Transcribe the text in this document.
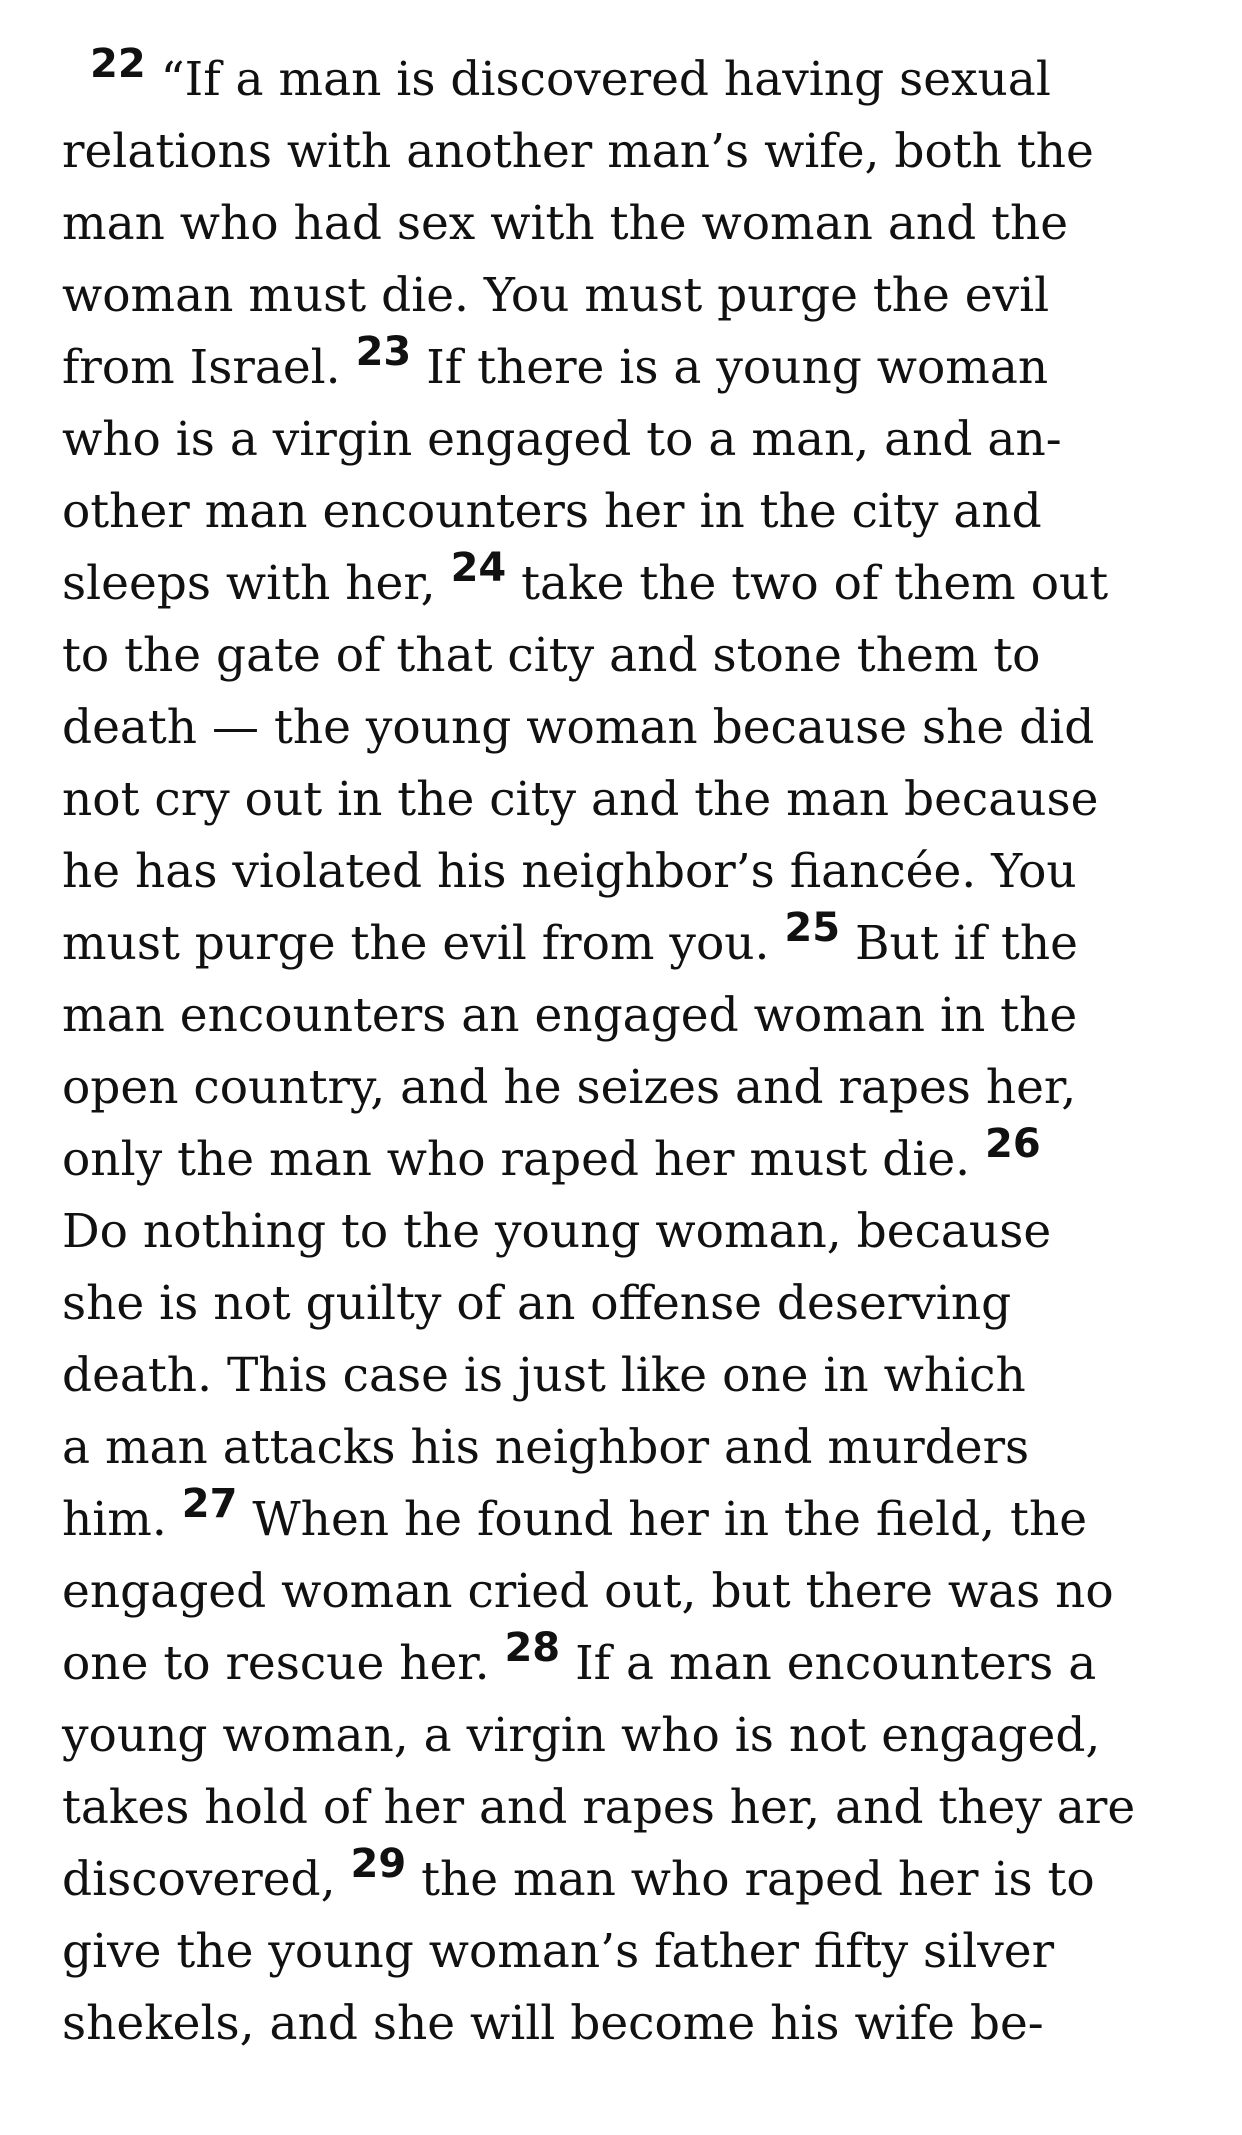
22 “If a man is discovered having sexual
relations with another man’s wife, both the
man who had sex with the woman and the
woman must die. You must purge the evil
from Israel. 23 If there is a young woman
who is a virgin engaged to a man, and an-
other man encounters her in the city and
sleeps with her, 24 take the two of them out
to the gate of that city and stone them to
death — the young woman because she did
not cry out in the city and the man because
he has violated his neighbor’s fiancée. You
must purge the evil from you. 25 But if the
man encounters an engaged woman in the
open country, and he seizes and rapes her,
only the man who raped her must die. 26
Do nothing to the young woman, because
she is not guilty of an offense deserving
death. This case is just like one in which
a man attacks his neighbor and murders
him. 27 When he found her in the field, the
engaged woman cried out, but there was no
one to rescue her. 28 If a man encounters a
young woman, a virgin who is not engaged,
takes hold of her and rapes her, and they are
discovered, 29 the man who raped her is to
give the young woman’s father fifty silver
shekels, and she will become his wife be-
